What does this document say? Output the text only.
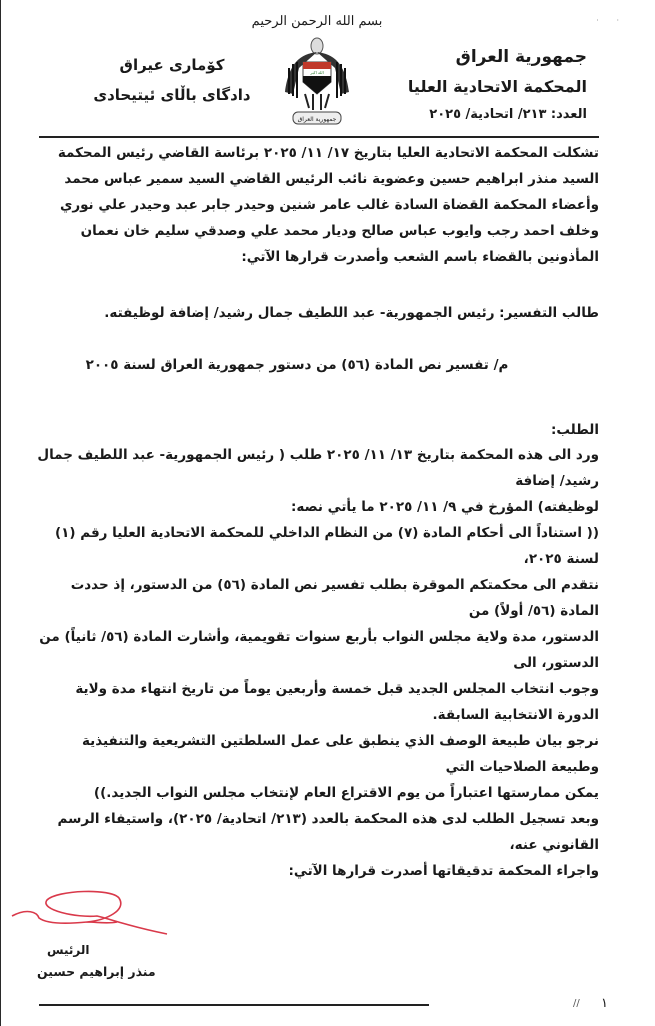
بسم الله الرحمن الرحيم
جمهورية العراق
المحكمة الاتحادية العليا
العدد: ٢١٣/ اتحادية/ ٢٠٢٥
كۆماری عیراق
دادگای باڵای ئیتیحادی
الله اكبر
جمهورية العراق
·       ·
تشكلت المحكمة الاتحادية العليا بتاريخ ١٧/ ١١/ ٢٠٢٥ برئاسة القاضي رئيس المحكمة
السيد منذر ابراهيم حسين وعضوية نائب الرئيس القاضي السيد سمير عباس محمد
وأعضاء المحكمة القضاة السادة غالب عامر شنين وحيدر جابر عبد وحيدر علي نوري
وخلف احمد رجب وايوب عباس صالح وديار محمد علي وصدقي سليم خان نعمان
المأذونين بالقضاء باسم الشعب وأصدرت قرارها الآتي:
طالب التفسير: رئيس الجمهورية- عبد اللطيف جمال رشيد/ إضافة لوظيفته.
م/ تفسير نص المادة (٥٦) من دستور جمهورية العراق لسنة ٢٠٠٥
الطلب:
ورد الى هذه المحكمة بتاريخ ١٣/ ١١/ ٢٠٢٥ طلب ( رئيس الجمهورية- عبد اللطيف جمال رشيد/ إضافة
لوظيفته) المؤرخ في ٩/ ١١/ ٢٠٢٥ ما يأتي نصه:
(( استناداً الى أحكام المادة (٧) من النظام الداخلي للمحكمة الاتحادية العليا رقم (١) لسنة ٢٠٢٥،
نتقدم الى محكمتكم الموقرة بطلب تفسير نص المادة (٥٦) من الدستور، إذ حددت المادة (٥٦/ أولاً) من
الدستور، مدة ولاية مجلس النواب بأربع سنوات تقويمية، وأشارت المادة (٥٦/ ثانياً) من الدستور، الى
وجوب انتخاب المجلس الجديد قبل خمسة وأربعين يوماً من تاريخ انتهاء مدة ولاية الدورة الانتخابية السابقة.
نرجو بيان طبيعة الوصف الذي ينطبق على عمل السلطتين التشريعية والتنفيذية وطبيعة الصلاحيات التي
يمكن ممارستها اعتباراً من يوم الاقتراع العام لإنتخاب مجلس النواب الجديد.))
وبعد تسجيل الطلب لدى هذه المحكمة بالعدد (٢١٣/ اتحادية/ ٢٠٢٥)، واستيفاء الرسم القانوني عنه،
واجراء المحكمة تدقيقاتها أصدرت قرارها الآتي:
الرئيس
منذر إبراهيم حسين
// ١
